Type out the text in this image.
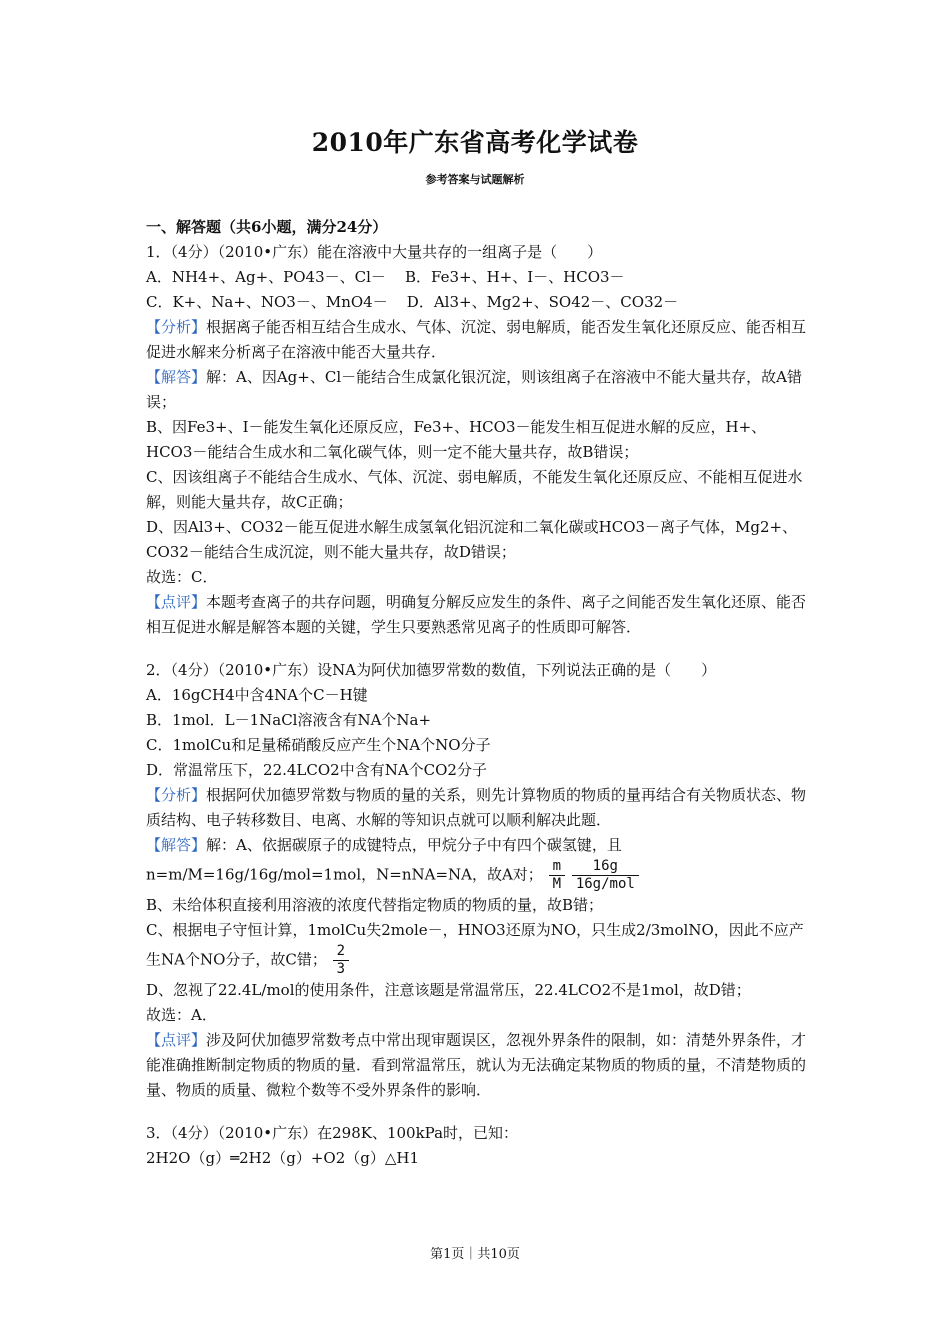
2010年广东省高考化学试卷
参考答案与试题解析
一、解答题（共6小题，满分24分）
1．（4分）（2010•广东）能在溶液中大量共存的一组离子是（　　）
A．NH4+、Ag+、PO43－、Cl－ B．Fe3+、H+、I－、HCO3－
C．K+、Na+、NO3－、MnO4－ D．Al3+、Mg2+、SO42－、CO32－
【分析】根据离子能否相互结合生成水、气体、沉淀、弱电解质，能否发生氧化还原反应、能否相互促进水解来分析离子在溶液中能否大量共存．
【解答】解：A、因Ag+、Cl－能结合生成氯化银沉淀，则该组离子在溶液中不能大量共存，故A错误；
B、因Fe3+、I－能发生氧化还原反应，Fe3+、HCO3－能发生相互促进水解的反应，H+、HCO3－能结合生成水和二氧化碳气体，则一定不能大量共存，故B错误；
C、因该组离子不能结合生成水、气体、沉淀、弱电解质，不能发生氧化还原反应、不能相互促进水解，则能大量共存，故C正确；
D、因Al3+、CO32－能互促进水解生成氢氧化铝沉淀和二氧化碳或HCO3－离子气体，Mg2+、CO32－能结合生成沉淀，则不能大量共存，故D错误；
故选：C．
【点评】本题考查离子的共存问题，明确复分解反应发生的条件、离子之间能否发生氧化还原、能否相互促进水解是解答本题的关键，学生只要熟悉常见离子的性质即可解答．
2．（4分）（2010•广东）设NA为阿伏加德罗常数的数值，下列说法正确的是（　　）
A．16gCH4中含4NA个C－H键
B．1mol．L－1NaCl溶液含有NA个Na+
C．1molCu和足量稀硝酸反应产生个NA个NO分子
D．常温常压下，22.4LCO2中含有NA个CO2分子
【分析】根据阿伏加德罗常数与物质的量的关系，则先计算物质的物质的量再结合有关物质状态、物质结构、电子转移数目、电离、水解的等知识点就可以顺利解决此题．
【解答】解：A、依据碳原子的成键特点，甲烷分子中有四个碳氢键，且n=m/M=16g/16g/mol=1mol，N=nNA=NA，故A对； $\frac{m}{M}$
$\frac{16g}{\text{16g/mol}}$
B、未给体积直接利用溶液的浓度代替指定物质的物质的量，故B错；
C、根据电子守恒计算，1molCu失2mole－，HNO3还原为NO，只生成2/3molNO，因此不应产生NA个NO分子，故C错； $\frac{2}{3}$
D、忽视了22.4L/mol的使用条件，注意该题是常温常压，22.4LCO2不是1mol，故D错；
故选：A．
【点评】涉及阿伏加德罗常数考点中常出现审题误区，忽视外界条件的限制，如：清楚外界条件，才能准确推断制定物质的物质的量．看到常温常压，就认为无法确定某物质的物质的量，不清楚物质的量、物质的质量、微粒个数等不受外界条件的影响．
3．（4分）（2010•广东）在298K、100kPa时，已知：
2H2O（g）═2H2（g）+O2（g）△H1
第1页｜共10页
